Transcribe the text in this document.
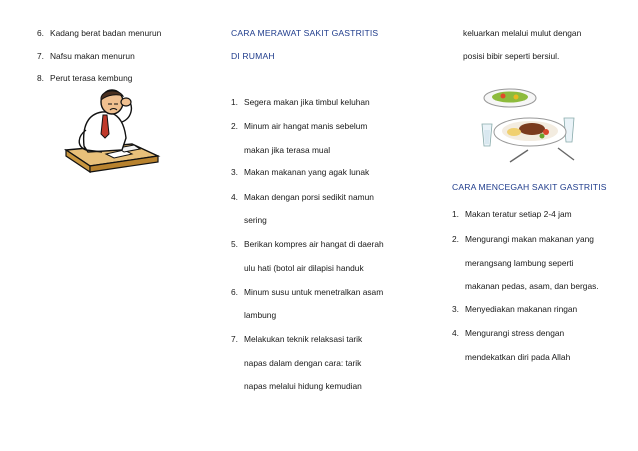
6. Kadang berat badan menurun
7. Nafsu makan menurun
8. Perut terasa kembung
CARA MERAWAT SAKIT GASTRITIS
DI RUMAH
1. Segera makan jika timbul keluhan
2. Minum air hangat manis sebelum
makan jika terasa mual
3. Makan makanan yang agak lunak
4. Makan dengan porsi sedikit namun
sering
5. Berikan kompres air hangat di daerah
ulu hati (botol air dilapisi handuk
6. Minum susu untuk menetralkan asam
lambung
7. Melakukan teknik relaksasi tarik
napas dalam dengan cara: tarik
napas melalui hidung kemudian
keluarkan melalui mulut dengan
posisi bibir seperti bersiul.
CARA MENCEGAH SAKIT GASTRITIS
1. Makan teratur setiap 2-4 jam
2. Mengurangi makan makanan yang
merangsang lambung seperti
makanan pedas, asam, dan bergas.
3. Menyediakan makanan ringan
4. Mengurangi stress dengan
mendekatkan diri pada Allah
